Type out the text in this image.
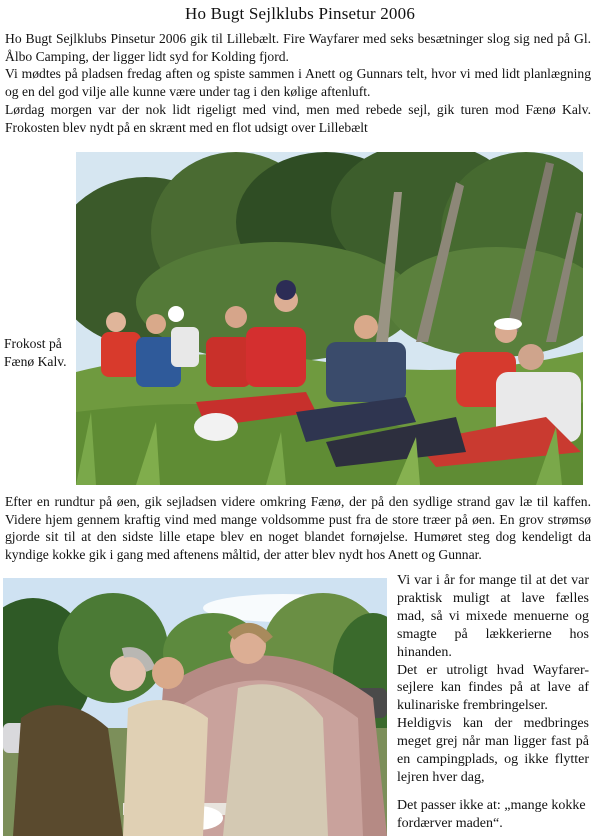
Ho Bugt Sejlklubs Pinsetur 2006

Ho Bugt Sejlklubs Pinsetur 2006 gik til Lillebælt. Fire Wayfarer med seks besætninger slog sig ned på Gl. Ålbo Camping, der ligger lidt syd for Kolding fjord.

Vi mødtes på pladsen fredag aften og spiste sammen i Anett og Gunnars telt, hvor vi med lidt planlægning og en del god vilje alle kunne være under tag i den kølige aftenluft.

Lørdag morgen var der nok lidt rigeligt med vind, men med rebede sejl, gik turen mod Fænø Kalv. Frokosten blev nydt på en skrænt med en flot udsigt over Lillebælt

Frokost på Fænø Kalv.

Efter en rundtur på øen, gik sejladsen videre omkring Fænø, der på den sydlige strand gav læ til kaffen. Videre hjem gennem kraftig vind med mange voldsomme pust fra de store træer på øen. En grov strømsø gjorde sit til at den sidste lille etape blev en noget blandet fornøjelse. Humøret steg dog kendeligt da kyndige kokke gik i gang med aftenens måltid, der atter blev nydt hos Anett og Gunnar.

Vi var i år for mange til at det var praktisk muligt at lave fælles mad, så vi mixede menuerne og smagte på lækkerierne hos hinanden.

Det er utroligt hvad Wayfarer-sejlere kan findes på at lave af kulinariske frembringelser.

Heldigvis kan der medbringes meget grej når man ligger fast på en campingplads, og ikke flytter lejren hver dag,

Det passer ikke at: „mange kokke fordærver maden“.
